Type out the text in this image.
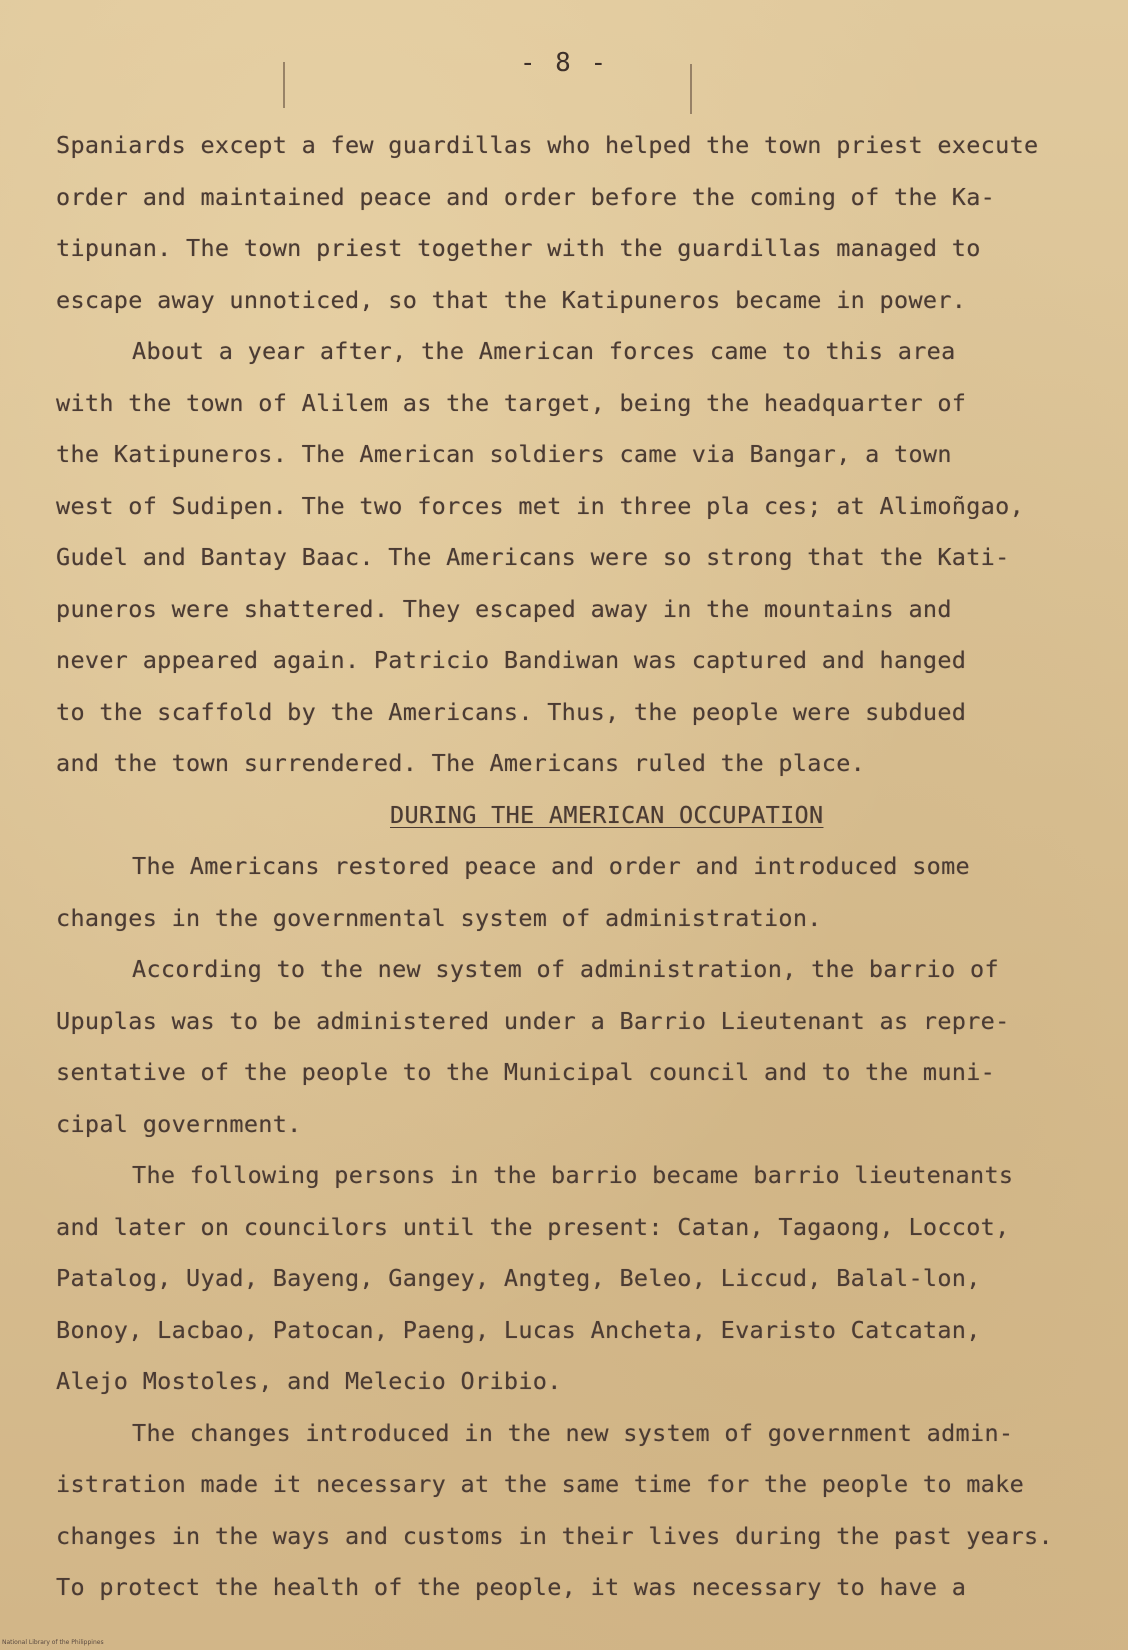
- 8 -
Spaniards except a few guardillas who helped the town priest execute
order and maintained peace and order before the coming of the Ka-
tipunan. The town priest together with the guardillas managed to
escape away unnoticed, so that the Katipuneros became in power.
About a year after, the American forces came to this area
with the town of Alilem as the target, being the headquarter of
the Katipuneros. The American soldiers came via Bangar, a town
west of Sudipen. The two forces met in three pla ces; at Alimoñgao,
Gudel and Bantay Baac. The Americans were so strong that the Kati-
puneros were shattered. They escaped away in the mountains and
never appeared again. Patricio Bandiwan was captured and hanged
to the scaffold by the Americans. Thus, the people were subdued
and the town surrendered. The Americans ruled the place.
DURING THE AMERICAN OCCUPATION
The Americans restored peace and order and introduced some
changes in the governmental system of administration.
According to the new system of administration, the barrio of
Upuplas was to be administered under a Barrio Lieutenant as repre-
sentative of the people to the Municipal council and to the muni-
cipal government.
The following persons in the barrio became barrio lieutenants
and later on councilors until the present: Catan, Tagaong, Loccot,
Patalog, Uyad, Bayeng, Gangey, Angteg, Beleo, Liccud, Balal-lon,
Bonoy, Lacbao, Patocan, Paeng, Lucas Ancheta, Evaristo Catcatan,
Alejo Mostoles, and Melecio Oribio.
The changes introduced in the new system of government admin-
istration made it necessary at the same time for the people to make
changes in the ways and customs in their lives during the past years.
To protect the health of the people, it was necessary to have a
National Library of the Philippines
